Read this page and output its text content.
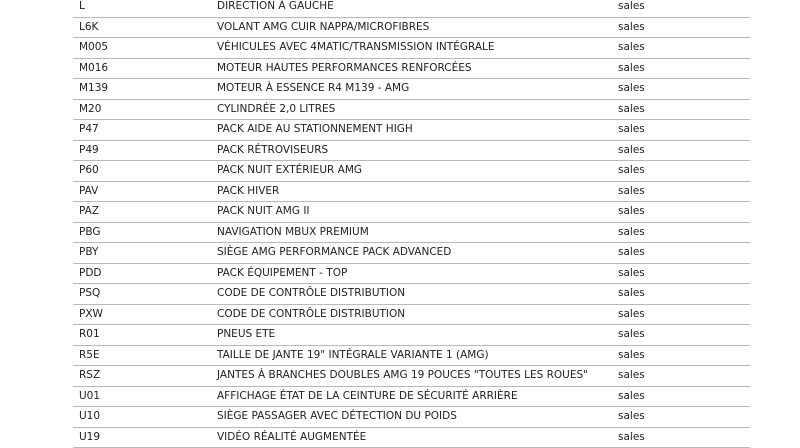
L	DIRECTION À GAUCHE	sales
L6K	VOLANT AMG CUIR NAPPA/MICROFIBRES	sales
M005	VÉHICULES AVEC 4MATIC/TRANSMISSION INTÉGRALE	sales
M016	MOTEUR HAUTES PERFORMANCES RENFORCÉES	sales
M139	MOTEUR À ESSENCE R4 M139 - AMG	sales
M20	CYLINDRÉE 2,0 LITRES	sales
P47	PACK AIDE AU STATIONNEMENT HIGH	sales
P49	PACK RÉTROVISEURS	sales
P60	PACK NUIT EXTÉRIEUR AMG	sales
PAV	PACK HIVER	sales
PAZ	PACK NUIT AMG II	sales
PBG	NAVIGATION MBUX PREMIUM	sales
PBY	SIÈGE AMG PERFORMANCE PACK ADVANCED	sales
PDD	PACK ÉQUIPEMENT - TOP	sales
PSQ	CODE DE CONTRÔLE DISTRIBUTION	sales
PXW	CODE DE CONTRÔLE DISTRIBUTION	sales
R01	PNEUS ETE	sales
R5E	TAILLE DE JANTE 19" INTÉGRALE VARIANTE 1 (AMG)	sales
RSZ	JANTES À BRANCHES DOUBLES AMG 19 POUCES "TOUTES LES ROUES"	sales
U01	AFFICHAGE ÉTAT DE LA CEINTURE DE SÉCURITÉ ARRIÈRE	sales
U10	SIÈGE PASSAGER AVEC DÉTECTION DU POIDS	sales
U19	VIDÉO RÉALITÉ AUGMENTÉE	sales
